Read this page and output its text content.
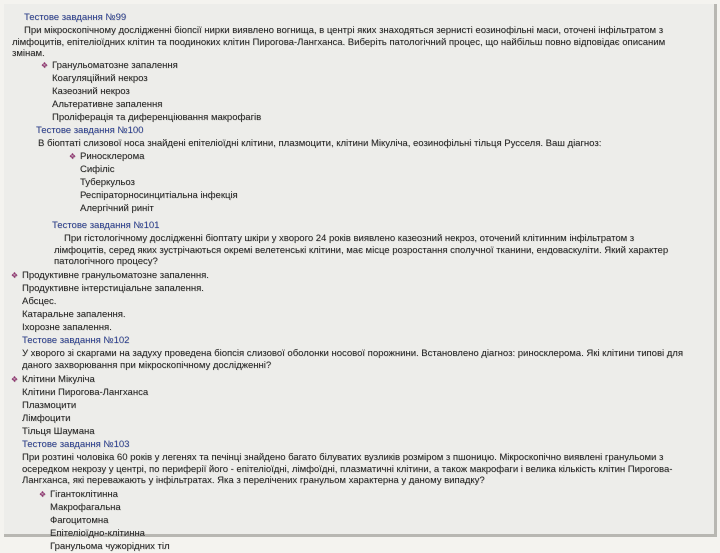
Тестове завдання №99
При мікроскопічному дослідженні біопсії нирки виявлено вогнища, в центрі яких знаходяться зернисті еозинофільні маси, оточені інфільтратом з лімфоцитів, епітеліоїдних клітин та поодиноких клітин Пирогова-Лангханса. Виберіть патологічний процес, що найбільш повно відповідає описаним змінам.
❖ Гранульоматозне запалення
Коагуляційний некроз
Казеозний некроз
Альтеративне запалення
Проліферація та диференціювання макрофагів
Тестове завдання №100
В біоптаті слизової носа знайдені епітеліоїдні клітини, плазмоцити, клітини Мікуліча, еозинофільні тільця Русселя. Ваш діагноз:
❖ Риносклерома
Сифіліс
Туберкульоз
Респіраторносинцитіальна інфекція
Алергічний риніт
Тестове завдання №101
При гістологічному дослідженні біоптату шкіри у хворого 24 років виявлено казеозний некроз, оточений клітинним інфільтратом з лімфоцитів, серед яких зустрічаються окремі велетенські клітини, має місце розростання сполучної тканини, ендоваскуліти. Який характер патологічного процесу?
❖ Продуктивне гранульоматозне запалення.
Продуктивне інтерстиціальне запалення.
Абсцес.
Катаральне запалення.
Іхорозне запалення.
Тестове завдання №102
У хворого зі скаргами на задуху проведена біопсія слизової оболонки носової порожнини. Встановлено діагноз: риносклерома. Які клітини типові для даного захворювання при мікроскопічному дослідженні?
❖ Клітини Мікуліча
Клітини Пирогова-Лангханса
Плазмоцити
Лімфоцити
Тільця Шаумана
Тестове завдання №103
При розтині чоловіка 60 років у легенях та печінці знайдено багато білуватих вузликів розміром з пшоницю. Мікроскопічно виявлені гранульоми з осередком некрозу у центрі, по периферії його - епітеліоїдні, лімфоїдні, плазматичні клітини, а також макрофаги і велика кількість клітин Пирогова-Лангханса, які переважають у інфільтратах. Яка з перелічених гранульом характерна у даному випадку?
❖ Гігантоклітинна
Макрофагальна
Фагоцитомна
Епітеліоїдно-клітинна
Гранульома чужорідних тіл
